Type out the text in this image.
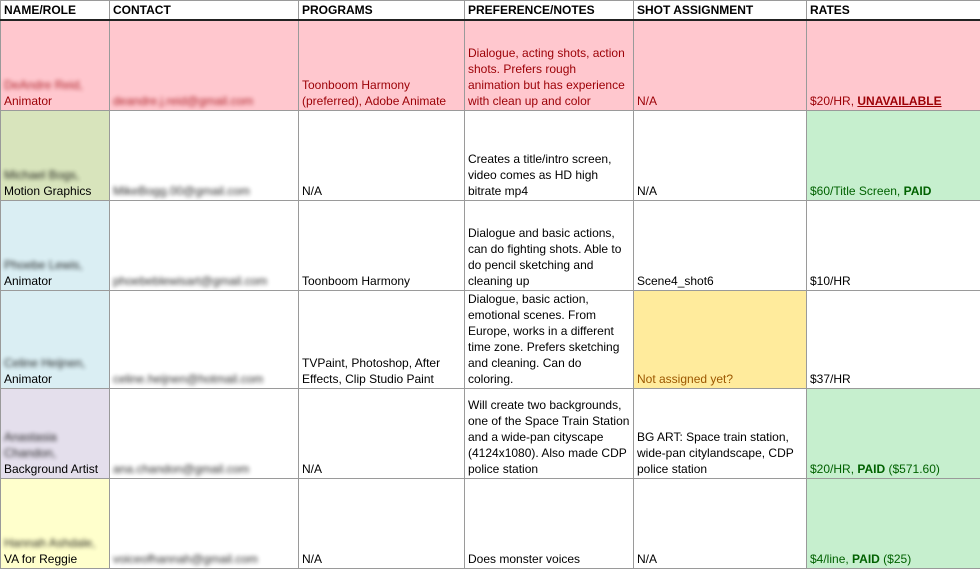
NAME/ROLE	CONTACT	PROGRAMS	PREFERENCE/NOTES	SHOT ASSIGNMENT	RATES

DeAndre Reid,
Animator	deandre.j.reid@gmail.com	Toonboom Harmony (preferred), Adobe Animate	Dialogue, acting shots, action shots. Prefers rough animation but has experience with clean up and color	N/A	$20/HR, UNAVAILABLE

Michael Bogs,
Motion Graphics	MikeBogg.00@gmail.com	N/A	Creates a title/intro screen, video comes as HD high bitrate mp4	N/A	$60/Title Screen, PAID

Phoebe Lewis,
Animator	phoebeblewisart@gmail.com	Toonboom Harmony	Dialogue and basic actions, can do fighting shots. Able to do pencil sketching and cleaning up	Scene4_shot6	$10/HR

Celine Heijnen,
Animator	celine.heijnen@hotmail.com	TVPaint, Photoshop, After Effects, Clip Studio Paint	Dialogue, basic action, emotional scenes. From Europe, works in a different time zone. Prefers sketching and cleaning. Can do coloring.	Not assigned yet?	$37/HR

Anastasia Chandon,
Background Artist	ana.chandon@gmail.com	N/A	Will create two backgrounds, one of the Space Train Station and a wide-pan cityscape (4124x1080). Also made CDP police station	BG ART: Space train station, wide-pan citylandscape, CDP police station	$20/HR, PAID ($571.60)

Hannah Ashdale,
VA for Reggie	voiceofhannah@gmail.com	N/A	Does monster voices	N/A	$4/line, PAID ($25)
